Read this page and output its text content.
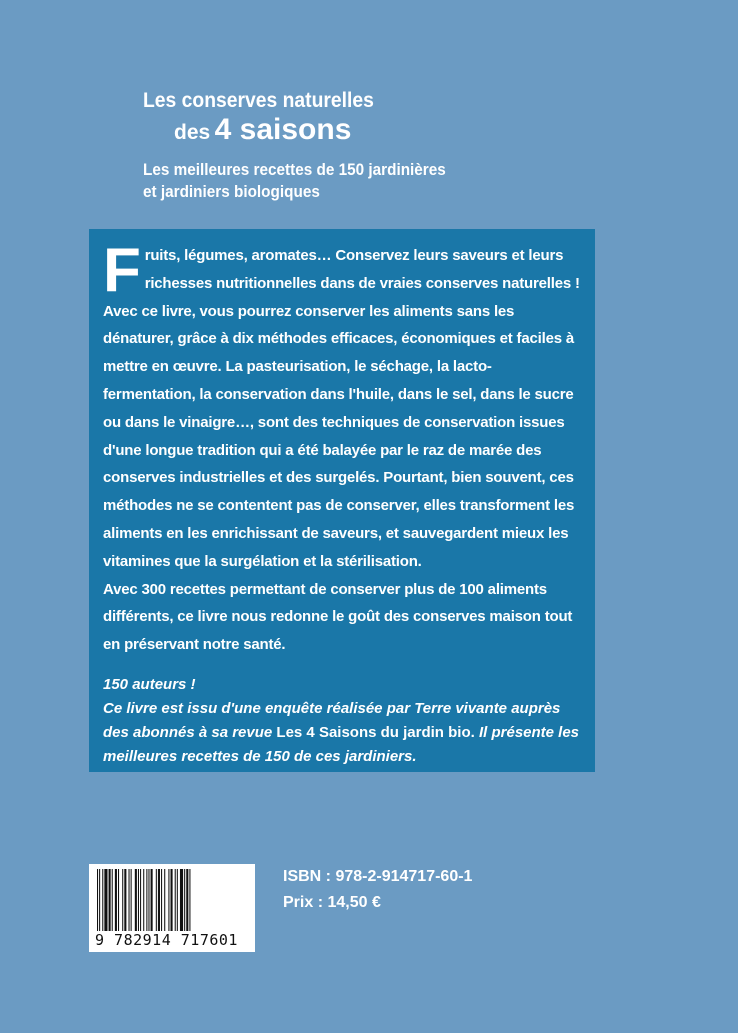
Les conserves naturelles

des 4 saisons

Les meilleures recettes de 150 jardinières
et jardiniers biologiques

Fruits, légumes, aromates… Conservez leurs saveurs et leurs richesses nutritionnelles dans de vraies conserves naturelles !

Avec ce livre, vous pourrez conserver les aliments sans les dénaturer, grâce à dix méthodes efficaces, économiques et faciles à mettre en œuvre. La pasteurisation, le séchage, la lacto-fermentation, la conservation dans l'huile, dans le sel, dans le sucre ou dans le vinaigre…, sont des techniques de conservation issues d'une longue tradition qui a été balayée par le raz de marée des conserves industrielles et des surgelés. Pourtant, bien souvent, ces méthodes ne se contentent pas de conserver, elles transforment les aliments en les enrichissant de saveurs, et sauvegardent mieux les vitamines que la surgélation et la stérilisation.

Avec 300 recettes permettant de conserver plus de 100 aliments différents, ce livre nous redonne le goût des conserves maison tout en préservant notre santé.

150 auteurs !

Ce livre est issu d'une enquête réalisée par Terre vivante auprès des abonnés à sa revue Les 4 Saisons du jardin bio. Il présente les meilleures recettes de 150 de ces jardiniers.

9 782914 717601

ISBN : 978-2-914717-60-1

Prix : 14,50 €
